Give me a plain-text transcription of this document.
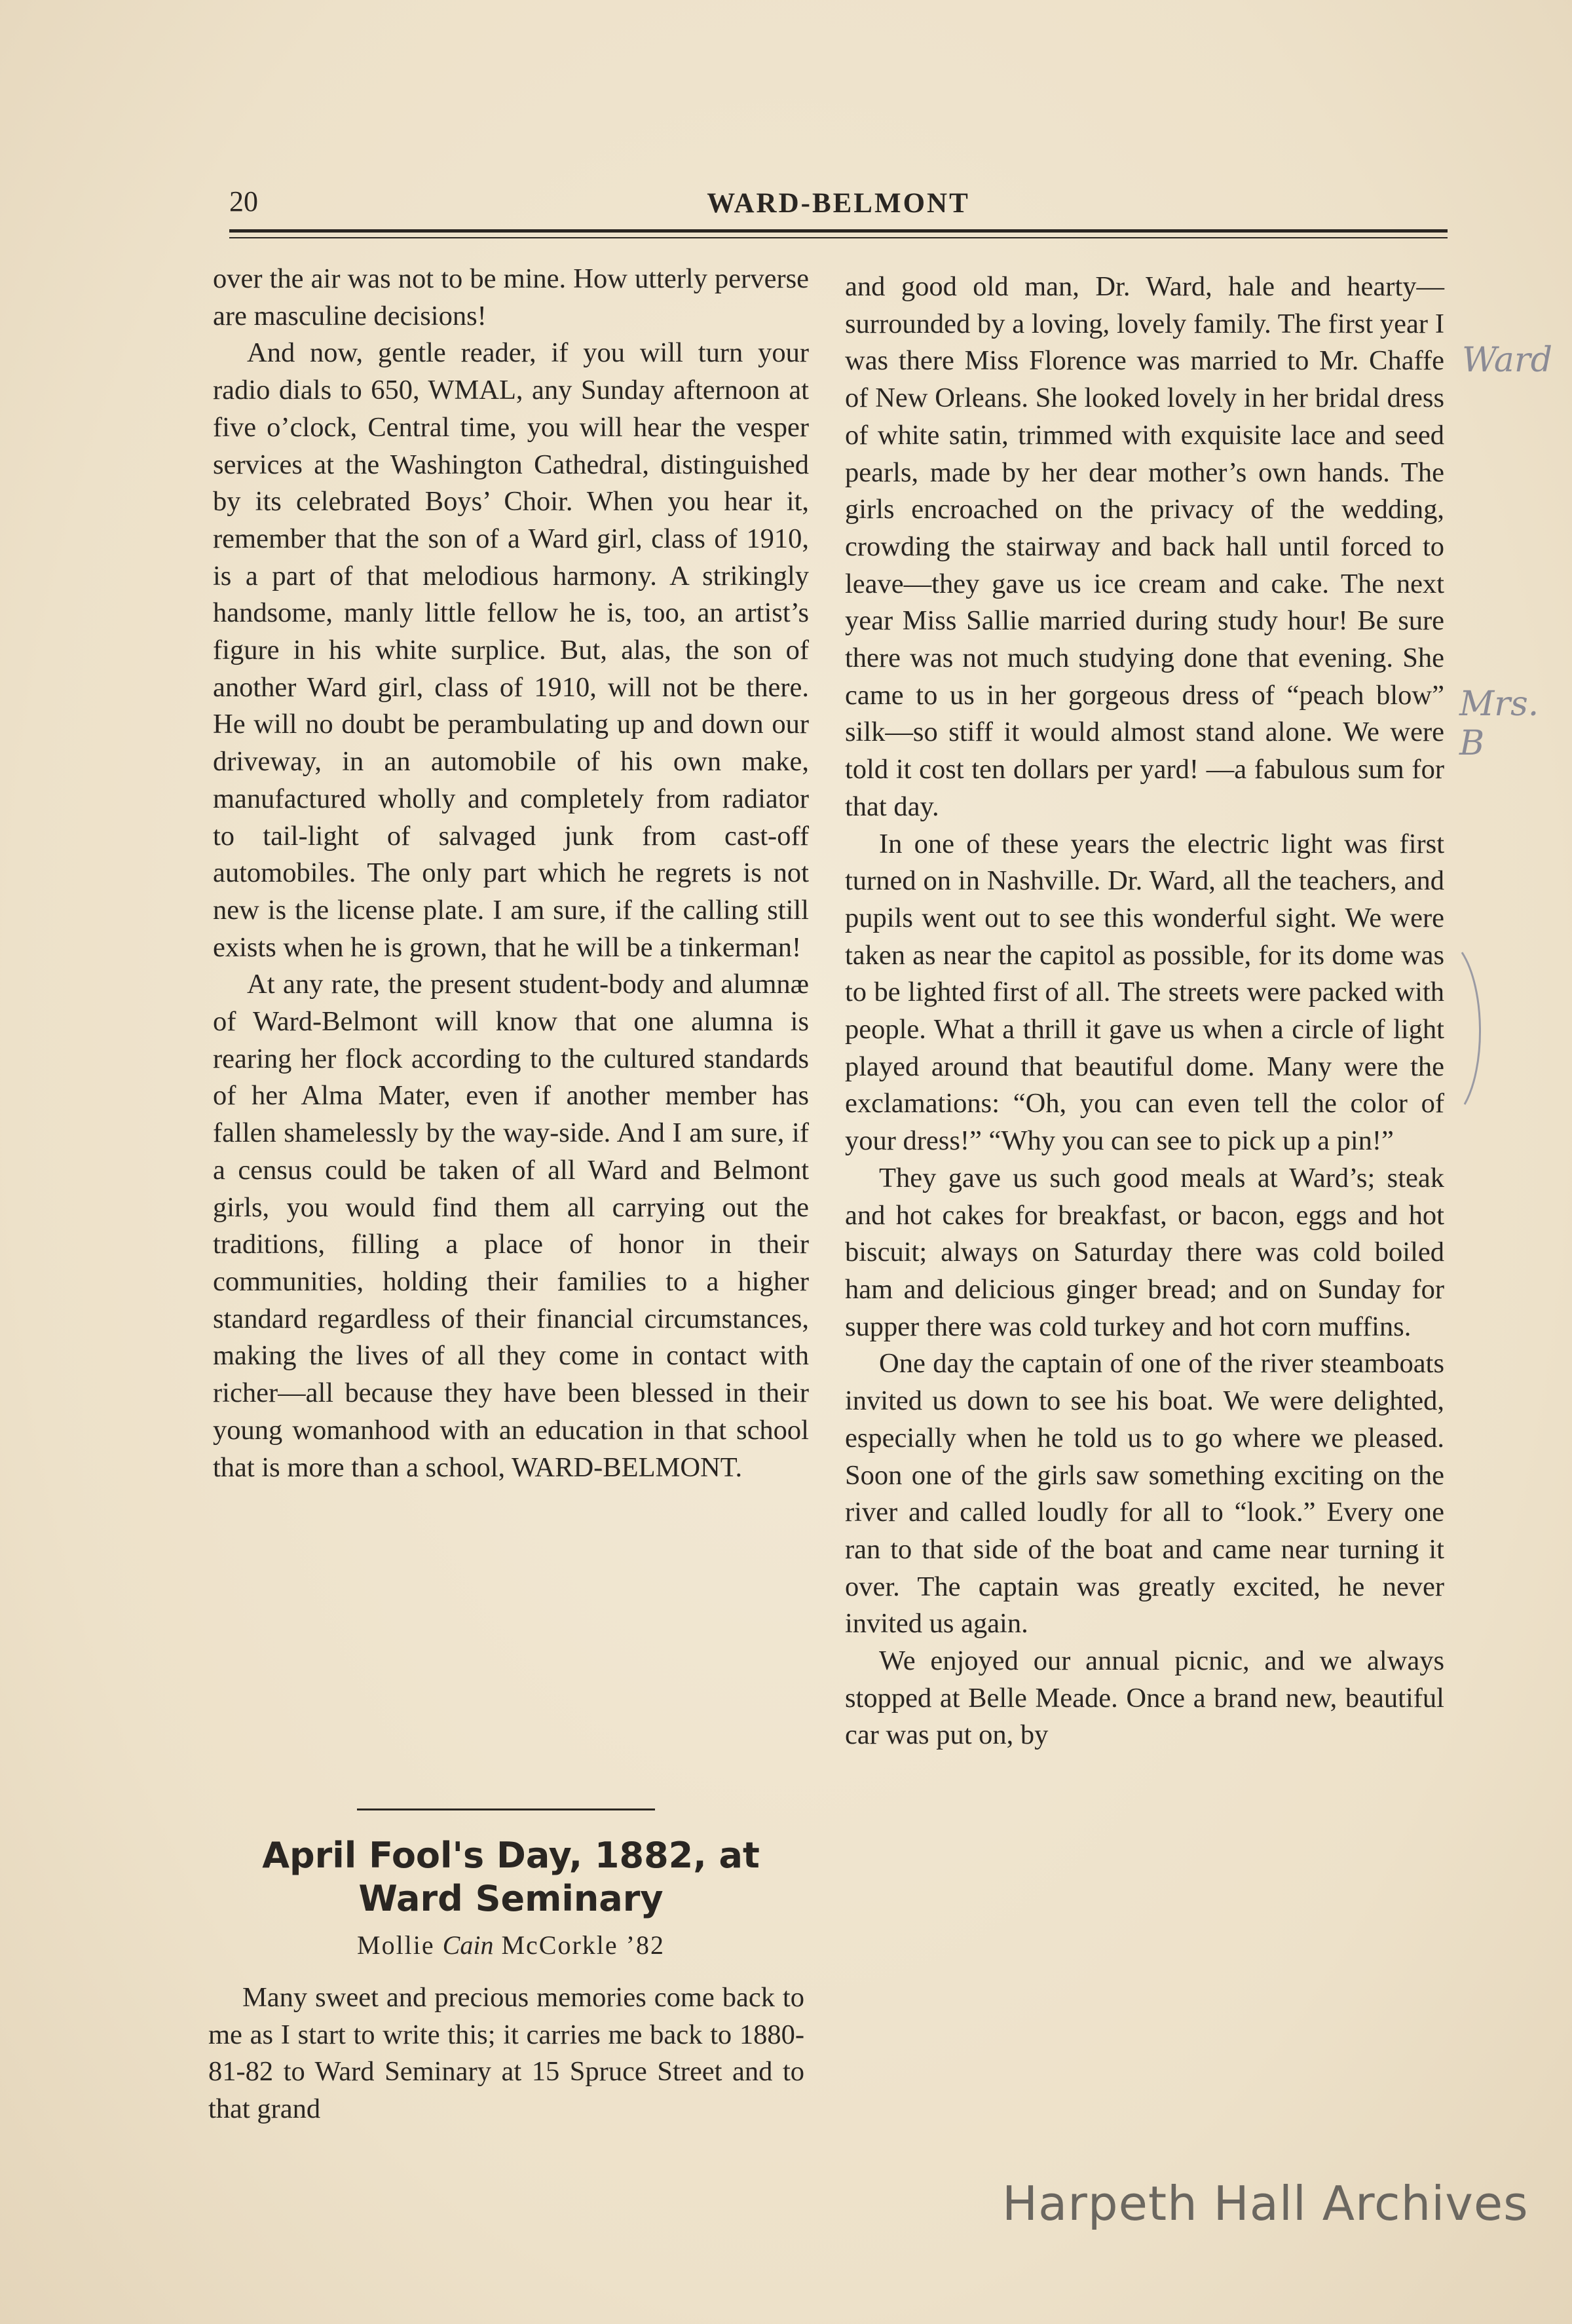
20	WARD-BELMONT

over the air was not to be mine. How utterly perverse are masculine decisions!

And now, gentle reader, if you will turn your radio dials to 650, WMAL, any Sunday afternoon at five o’clock, Central time, you will hear the vesper services at the Washington Cathedral, distinguished by its celebrated Boys’ Choir. When you hear it, remember that the son of a Ward girl, class of 1910, is a part of that melodious harmony. A strikingly handsome, manly little fellow he is, too, an artist’s figure in his white surplice. But, alas, the son of another Ward girl, class of 1910, will not be there. He will no doubt be perambulating up and down our driveway, in an automobile of his own make, manufactured wholly and completely from radiator to tail-light of salvaged junk from cast-off automobiles. The only part which he regrets is not new is the license plate. I am sure, if the calling still exists when he is grown, that he will be a tinkerman!

At any rate, the present student-body and alumnæ of Ward-Belmont will know that one alumna is rearing her flock according to the cultured standards of her Alma Mater, even if another member has fallen shamelessly by the way-side. And I am sure, if a census could be taken of all Ward and Belmont girls, you would find them all carrying out the traditions, filling a place of honor in their communities, holding their families to a higher standard regardless of their financial circumstances, making the lives of all they come in contact with richer—all because they have been blessed in their young womanhood with an education in that school that is more than a school, WARD-BELMONT.

April Fool's Day, 1882, at
Ward Seminary
Mollie Cain McCorkle ’82

Many sweet and precious memories come back to me as I start to write this; it carries me back to 1880-81-82 to Ward Seminary at 15 Spruce Street and to that grand

and good old man, Dr. Ward, hale and hearty—surrounded by a loving, lovely family. The first year I was there Miss Florence was married to Mr. Chaffe of New Orleans. She looked lovely in her bridal dress of white satin, trimmed with exquisite lace and seed pearls, made by her dear mother’s own hands. The girls encroached on the privacy of the wedding, crowding the stairway and back hall until forced to leave—they gave us ice cream and cake. The next year Miss Sallie married during study hour! Be sure there was not much studying done that evening. She came to us in her gorgeous dress of “peach blow” silk—so stiff it would almost stand alone. We were told it cost ten dollars per yard! —a fabulous sum for that day.

In one of these years the electric light was first turned on in Nashville. Dr. Ward, all the teachers, and pupils went out to see this wonderful sight. We were taken as near the capitol as possible, for its dome was to be lighted first of all. The streets were packed with people. What a thrill it gave us when a circle of light played around that beautiful dome. Many were the exclamations: “Oh, you can even tell the color of your dress!” “Why you can see to pick up a pin!”

They gave us such good meals at Ward’s; steak and hot cakes for breakfast, or bacon, eggs and hot biscuit; always on Saturday there was cold boiled ham and delicious ginger bread; and on Sunday for supper there was cold turkey and hot corn muffins.

One day the captain of one of the river steamboats invited us down to see his boat. We were delighted, especially when he told us to go where we pleased. Soon one of the girls saw something exciting on the river and called loudly for all to “look.” Every one ran to that side of the boat and came near turning it over. The captain was greatly excited, he never invited us again.

We enjoyed our annual picnic, and we always stopped at Belle Meade. Once a brand new, beautiful car was put on, by

Ward
Mrs. B
Harpeth Hall Archives
